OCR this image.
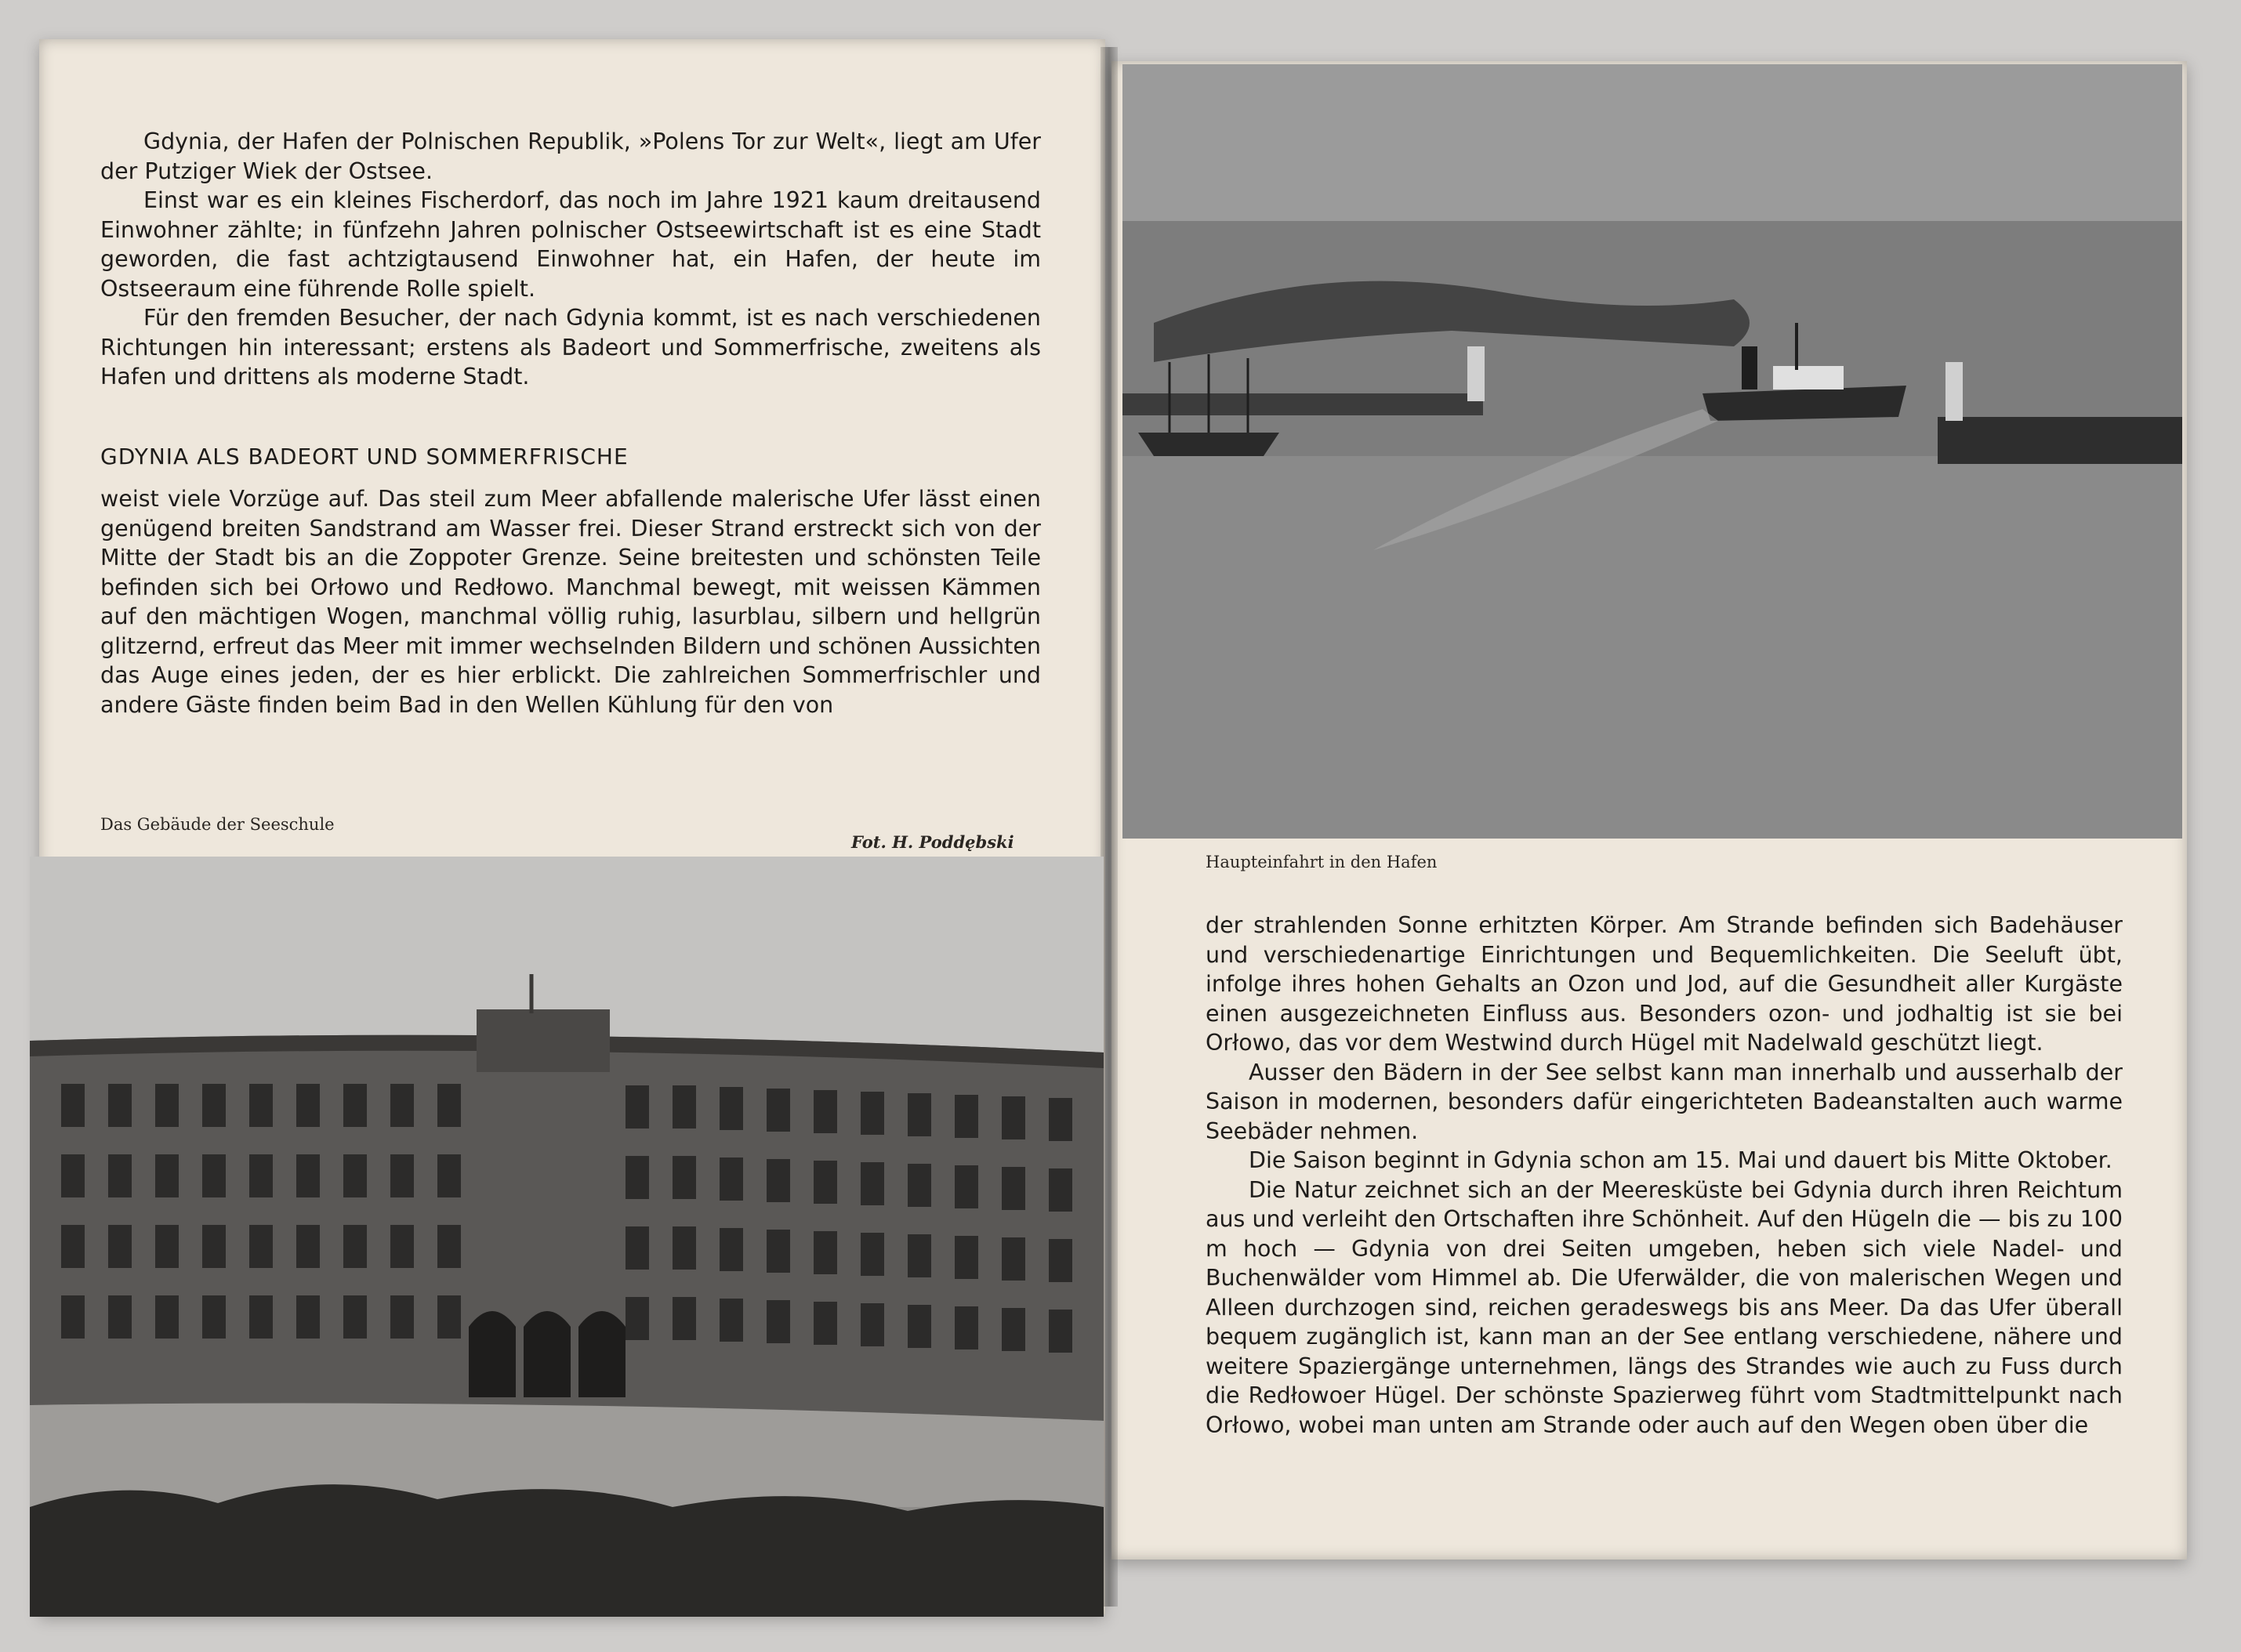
Gdynia, der Hafen der Polnischen Republik, »Polens Tor zur Welt«, liegt am Ufer der Putziger Wiek der Ostsee.

Einst war es ein kleines Fischerdorf, das noch im Jahre 1921 kaum dreitausend Einwohner zählte; in fünfzehn Jahren polnischer Ostseewirtschaft ist es eine Stadt geworden, die fast achtzigtausend Einwohner hat, ein Hafen, der heute im Ostseeraum eine führende Rolle spielt.

Für den fremden Besucher, der nach Gdynia kommt, ist es nach verschiedenen Richtungen hin interessant; erstens als Badeort und Sommerfrische, zweitens als Hafen und drittens als moderne Stadt.

GDYNIA ALS BADEORT UND SOMMERFRISCHE

weist viele Vorzüge auf. Das steil zum Meer abfallende malerische Ufer lässt einen genügend breiten Sandstrand am Wasser frei. Dieser Strand erstreckt sich von der Mitte der Stadt bis an die Zoppoter Grenze. Seine breitesten und schönsten Teile befinden sich bei Orłowo und Redłowo. Manchmal bewegt, mit weissen Kämmen auf den mächtigen Wogen, manchmal völlig ruhig, lasurblau, silbern und hellgrün glitzernd, erfreut das Meer mit immer wechselnden Bildern und schönen Aussichten das Auge eines jeden, der es hier erblickt. Die zahlreichen Sommerfrischler und andere Gäste finden beim Bad in den Wellen Kühlung für den von

Das Gebäude der Seeschule
Fot. H. Poddębski
Haupteinfahrt in den Hafen

der strahlenden Sonne erhitzten Körper. Am Strande befinden sich Badehäuser und verschiedenartige Einrichtungen und Bequemlichkeiten. Die Seeluft übt, infolge ihres hohen Gehalts an Ozon und Jod, auf die Gesundheit aller Kurgäste einen ausgezeichneten Einfluss aus. Besonders ozon- und jodhaltig ist sie bei Orłowo, das vor dem Westwind durch Hügel mit Nadelwald geschützt liegt.

Ausser den Bädern in der See selbst kann man innerhalb und ausserhalb der Saison in modernen, besonders dafür eingerichteten Badeanstalten auch warme Seebäder nehmen.

Die Saison beginnt in Gdynia schon am 15. Mai und dauert bis Mitte Oktober.

Die Natur zeichnet sich an der Meeresküste bei Gdynia durch ihren Reichtum aus und verleiht den Ortschaften ihre Schönheit. Auf den Hügeln die — bis zu 100 m hoch — Gdynia von drei Seiten umgeben, heben sich viele Nadel- und Buchenwälder vom Himmel ab. Die Uferwälder, die von malerischen Wegen und Alleen durchzogen sind, reichen geradeswegs bis ans Meer. Da das Ufer überall bequem zugänglich ist, kann man an der See entlang verschiedene, nähere und weitere Spaziergänge unternehmen, längs des Strandes wie auch zu Fuss durch die Redłowoer Hügel. Der schönste Spazierweg führt vom Stadtmittelpunkt nach Orłowo, wobei man unten am Strande oder auch auf den Wegen oben über die
